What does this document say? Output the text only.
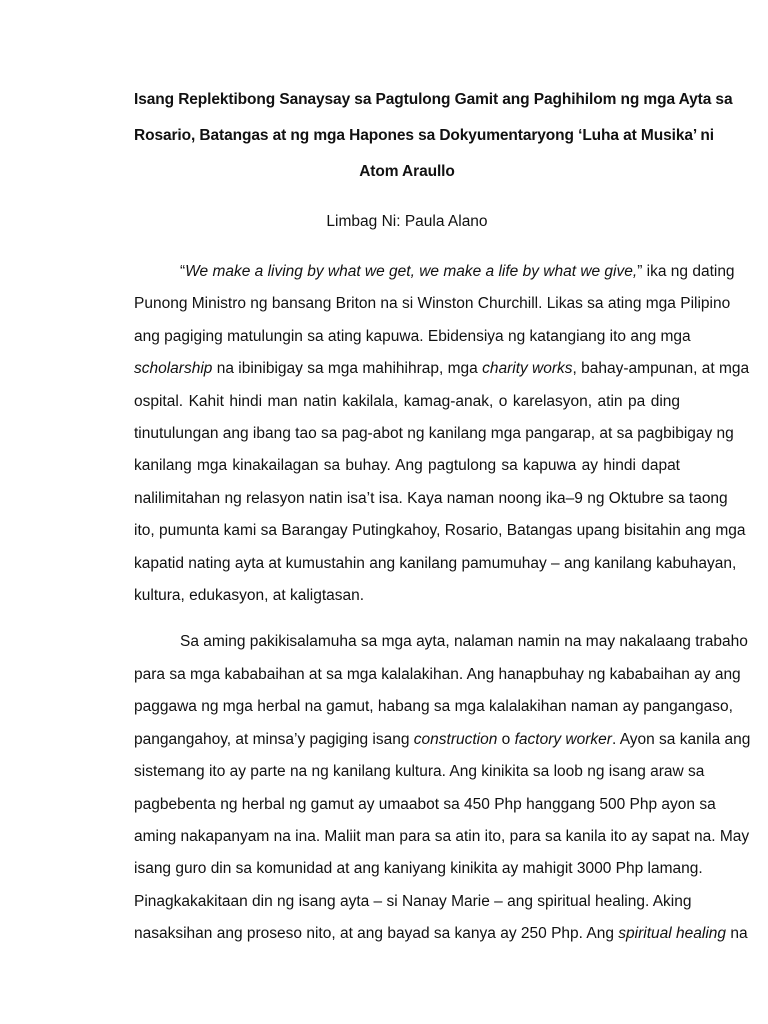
Isang Replektibong Sanaysay sa Pagtulong Gamit ang Paghihilom ng mga Ayta sa
Rosario, Batangas at ng mga Hapones sa Dokyumentaryong ‘Luha at Musika’ ni
Atom Araullo

Limbag Ni: Paula Alano

“We make a living by what we get, we make a life by what we give,” ika ng dating
Punong Ministro ng bansang Briton na si Winston Churchill. Likas sa ating mga Pilipino
ang pagiging matulungin sa ating kapuwa. Ebidensiya ng katangiang ito ang mga
scholarship na ibinibigay sa mga mahihihrap, mga charity works, bahay-ampunan, at mga
ospital. Kahit hindi man natin kakilala, kamag-anak, o karelasyon, atin pa ding
tinutulungan ang ibang tao sa pag-abot ng kanilang mga pangarap, at sa pagbibigay ng
kanilang mga kinakailagan sa buhay. Ang pagtulong sa kapuwa ay hindi dapat
nalilimitahan ng relasyon natin isa’t isa. Kaya naman noong ika–9 ng Oktubre sa taong
ito, pumunta kami sa Barangay Putingkahoy, Rosario, Batangas upang bisitahin ang mga
kapatid nating ayta at kumustahin ang kanilang pamumuhay – ang kanilang kabuhayan,
kultura, edukasyon, at kaligtasan.

Sa aming pakikisalamuha sa mga ayta, nalaman namin na may nakalaang trabaho
para sa mga kababaihan at sa mga kalalakihan. Ang hanapbuhay ng kababaihan ay ang
paggawa ng mga herbal na gamut, habang sa mga kalalakihan naman ay pangangaso,
pangangahoy, at minsa’y pagiging isang construction o factory worker. Ayon sa kanila ang
sistemang ito ay parte na ng kanilang kultura. Ang kinikita sa loob ng isang araw sa
pagbebenta ng herbal ng gamut ay umaabot sa 450 Php hanggang 500 Php ayon sa
aming nakapanyam na ina. Maliit man para sa atin ito, para sa kanila ito ay sapat na. May
isang guro din sa komunidad at ang kaniyang kinikita ay mahigit 3000 Php lamang.
Pinagkakakitaan din ng isang ayta – si Nanay Marie – ang spiritual healing. Aking
nasaksihan ang proseso nito, at ang bayad sa kanya ay 250 Php. Ang spiritual healing na
